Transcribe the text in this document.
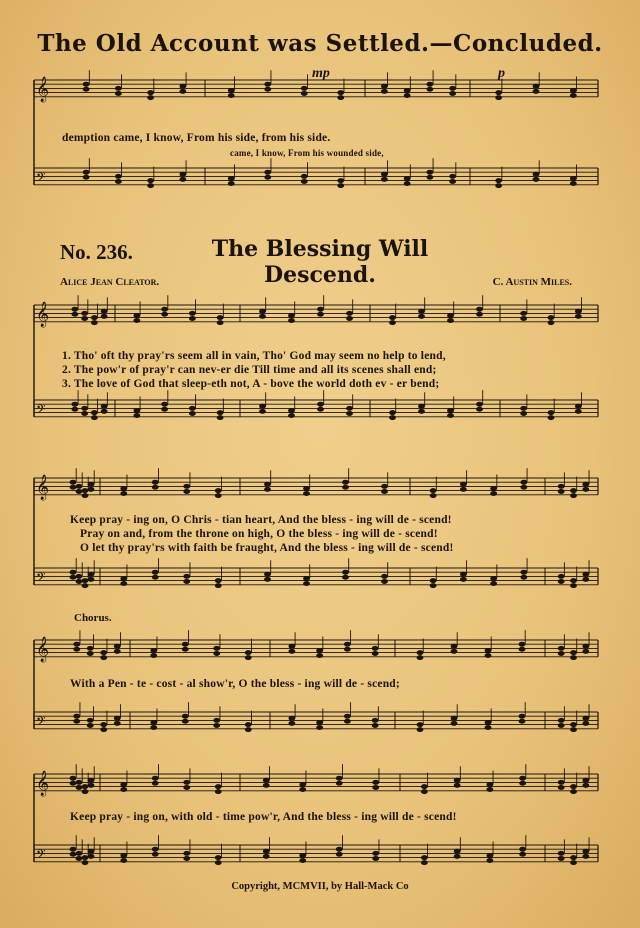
The Old Account was Settled.—Concluded.
mp	p
demption came, I know, From his side, from his side.
came, I know, From his wounded side,
No. 236.	The Blessing Will Descend.
Alice Jean Cleator.	C. Austin Miles.
1. Tho' oft thy pray'rs seem all in vain, Tho' God may seem no help to lend,
2. The pow'r of pray'r can nev-er die Till time and all its scenes shall end;
3. The love of God that sleep-eth not, A - bove the world doth ev - er bend;
Keep pray - ing on, O Chris - tian heart, And the bless - ing will de - scend!
Pray on and, from the throne on high, O the bless - ing will de - scend!
O let thy pray'rs with faith be fraught, And the bless - ing will de - scend!
Chorus.
With a Pen - te - cost - al show'r, O the bless - ing will de - scend;
Keep pray - ing on, with old - time pow'r, And the bless - ing will de - scend!
Copyright, MCMVII, by Hall-Mack Co
𝄞
𝄢
𝄞
𝄢
𝄞
𝄢
𝄞
𝄢
𝄞
𝄢
